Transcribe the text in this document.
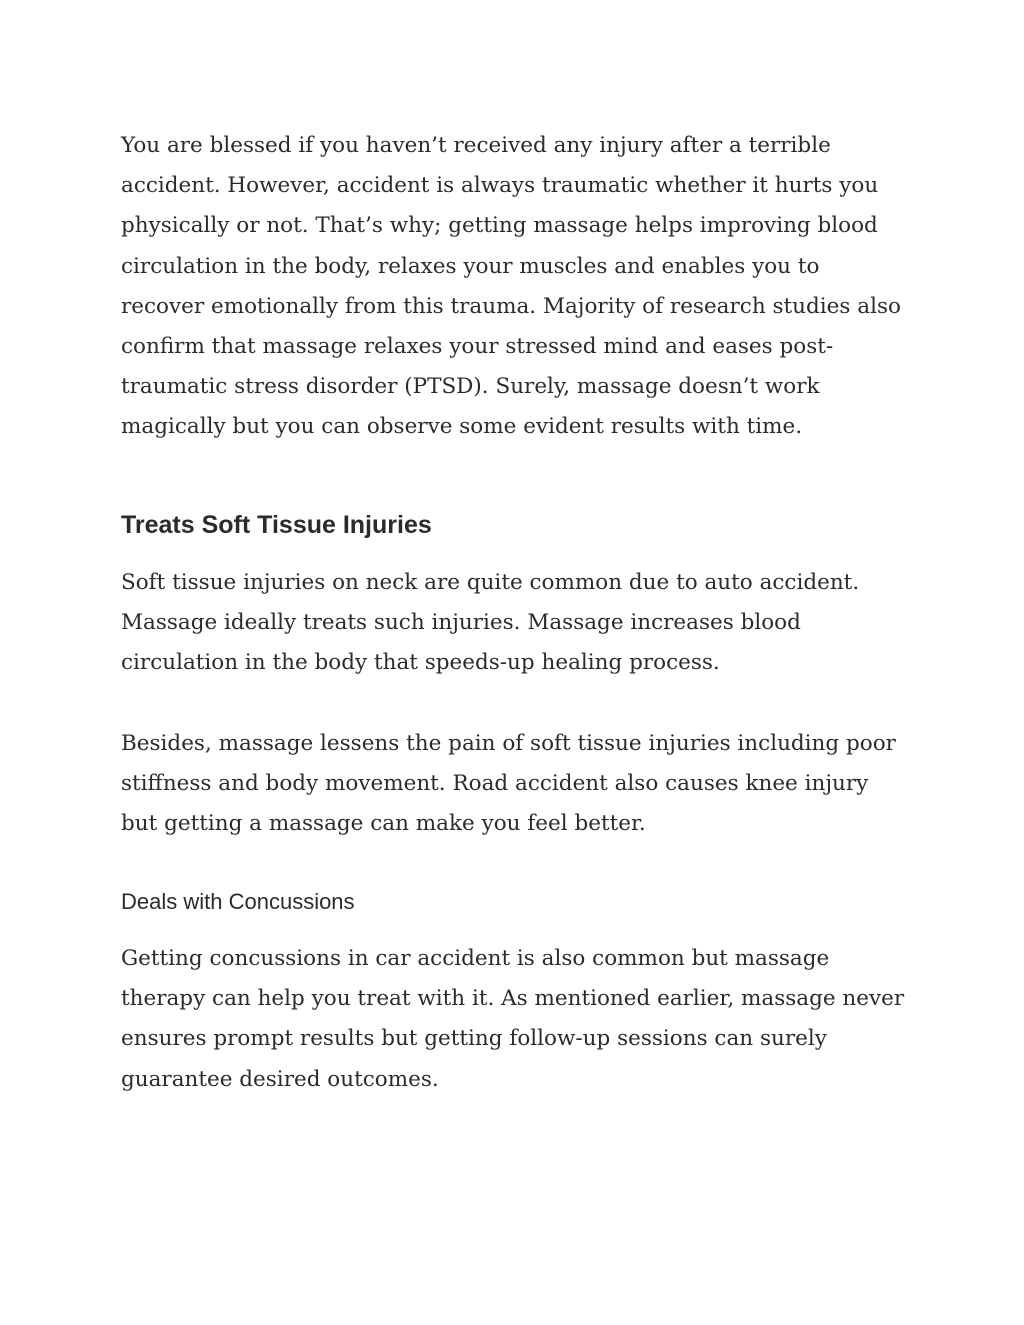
You are blessed if you haven’t received any injury after a terrible
accident. However, accident is always traumatic whether it hurts you
physically or not. That’s why; getting massage helps improving blood
circulation in the body, relaxes your muscles and enables you to
recover emotionally from this trauma. Majority of research studies also
confirm that massage relaxes your stressed mind and eases post-
traumatic stress disorder (PTSD). Surely, massage doesn’t work
magically but you can observe some evident results with time.

Treats Soft Tissue Injuries

Soft tissue injuries on neck are quite common due to auto accident.
Massage ideally treats such injuries. Massage increases blood
circulation in the body that speeds-up healing process.

Besides, massage lessens the pain of soft tissue injuries including poor
stiffness and body movement. Road accident also causes knee injury
but getting a massage can make you feel better.

Deals with Concussions

Getting concussions in car accident is also common but massage
therapy can help you treat with it. As mentioned earlier, massage never
ensures prompt results but getting follow-up sessions can surely
guarantee desired outcomes.
